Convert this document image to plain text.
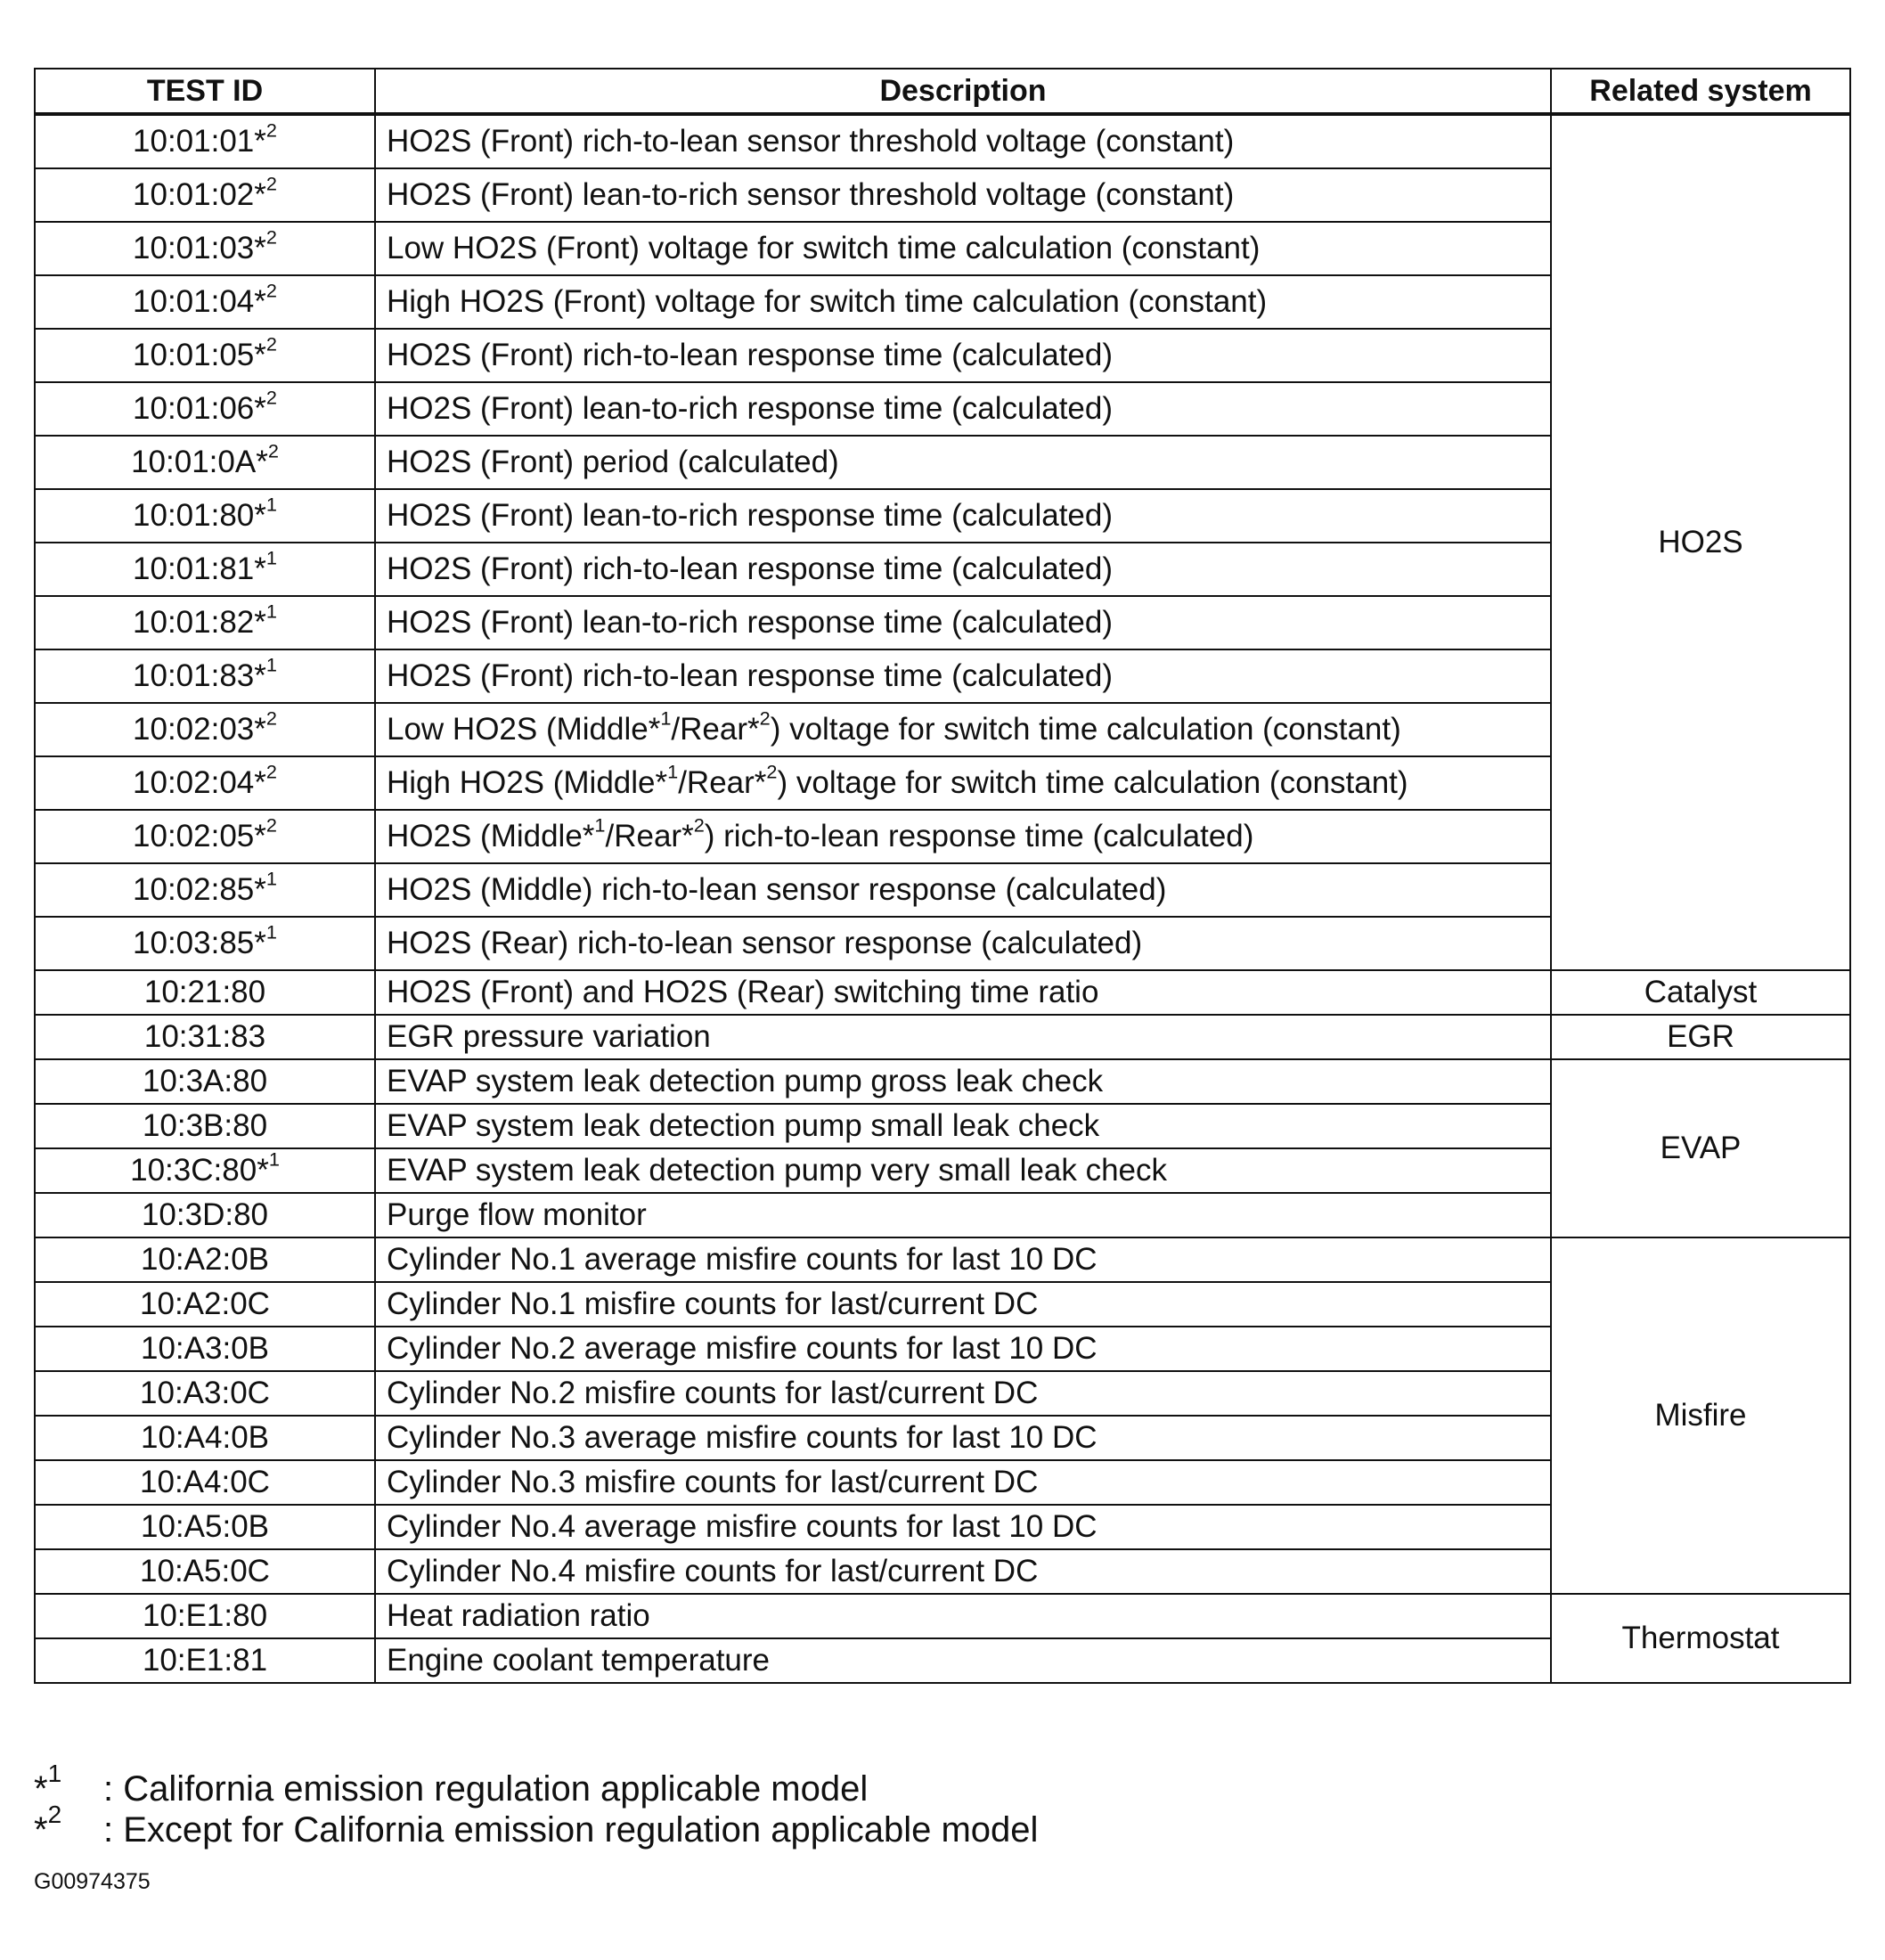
TEST ID	Description	Related system
10:01:01*$^2$	HO2S (Front) rich-to-lean sensor threshold voltage (constant)	HO2S
10:01:02*$^2$	HO2S (Front) lean-to-rich sensor threshold voltage (constant)	
10:01:03*$^2$	Low HO2S (Front) voltage for switch time calculation (constant)	
10:01:04*$^2$	High HO2S (Front) voltage for switch time calculation (constant)	
10:01:05*$^2$	HO2S (Front) rich-to-lean response time (calculated)	
10:01:06*$^2$	HO2S (Front) lean-to-rich response time (calculated)	
10:01:0A*$^2$	HO2S (Front) period (calculated)	
10:01:80*$^1$	HO2S (Front) lean-to-rich response time (calculated)	
10:01:81*$^1$	HO2S (Front) rich-to-lean response time (calculated)	
10:01:82*$^1$	HO2S (Front) lean-to-rich response time (calculated)	
10:01:83*$^1$	HO2S (Front) rich-to-lean response time (calculated)	
10:02:03*$^2$	Low HO2S (Middle*$^1$/Rear*$^2$) voltage for switch time calculation (constant)	
10:02:04*$^2$	High HO2S (Middle*$^1$/Rear*$^2$) voltage for switch time calculation (constant)	
10:02:05*$^2$	HO2S (Middle*$^1$/Rear*$^2$) rich-to-lean response time (calculated)	
10:02:85*$^1$	HO2S (Middle) rich-to-lean sensor response (calculated)	
10:03:85*$^1$	HO2S (Rear) rich-to-lean sensor response (calculated)	
10:21:80	HO2S (Front) and HO2S (Rear) switching time ratio	Catalyst
10:31:83	EGR pressure variation	EGR
10:3A:80	EVAP system leak detection pump gross leak check	EVAP
10:3B:80	EVAP system leak detection pump small leak check	
10:3C:80*$^1$	EVAP system leak detection pump very small leak check	
10:3D:80	Purge flow monitor	
10:A2:0B	Cylinder No.1 average misfire counts for last 10 DC	Misfire
10:A2:0C	Cylinder No.1 misfire counts for last/current DC	
10:A3:0B	Cylinder No.2 average misfire counts for last 10 DC	
10:A3:0C	Cylinder No.2 misfire counts for last/current DC	
10:A4:0B	Cylinder No.3 average misfire counts for last 10 DC	
10:A4:0C	Cylinder No.3 misfire counts for last/current DC	
10:A5:0B	Cylinder No.4 average misfire counts for last 10 DC	
10:A5:0C	Cylinder No.4 misfire counts for last/current DC	
10:E1:80	Heat radiation ratio	Thermostat
10:E1:81	Engine coolant temperature	
*$^1$ : California emission regulation applicable model
*$^2$ : Except for California emission regulation applicable model
G00974375
